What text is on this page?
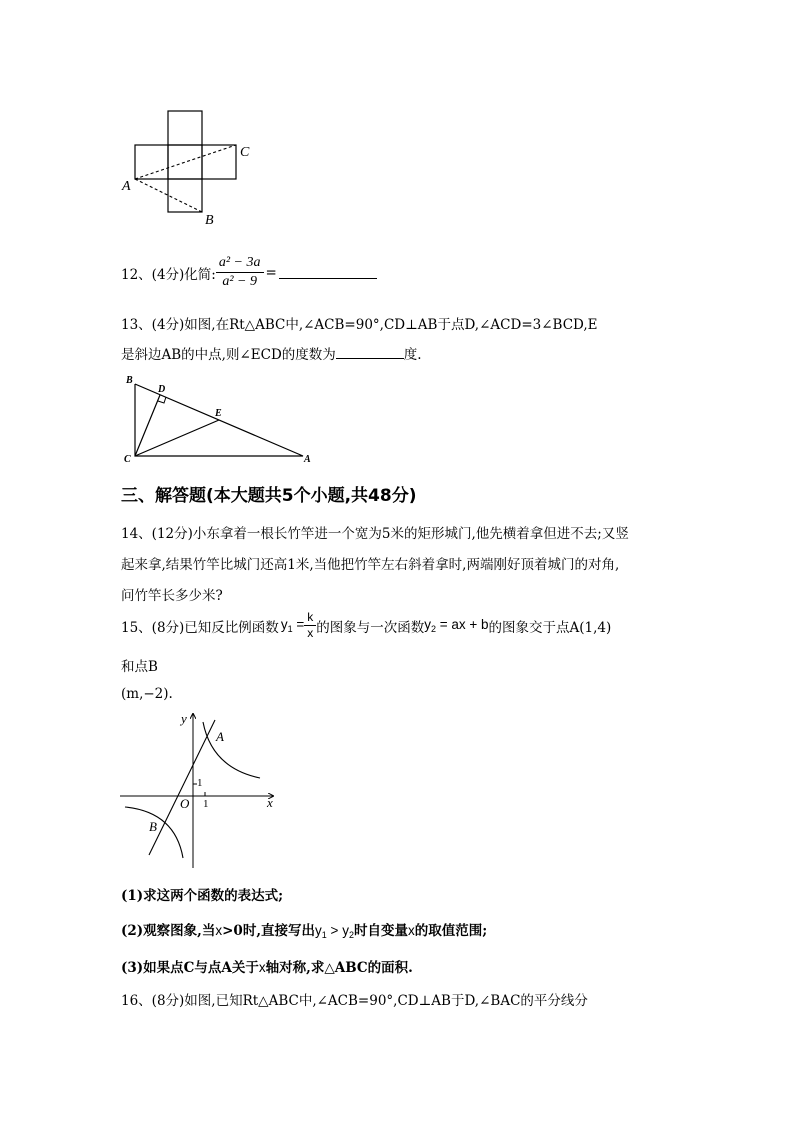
A
B
C
12、(4分)化简: $\frac{\text{a² − 3a}}{\text{a² − 9}}$ =
13、(4分)如图,在Rt△ABC中,∠ACB=90°,CD⊥AB于点D,∠ACD=3∠BCD,E
是斜边AB的中点,则∠ECD的度数为	度.
B
D
E
C	A
三、解答题(本大题共5个小题,共48分)
14、(12分)小东拿着一根长竹竿进一个宽为5米的矩形城门,他先横着拿但进不去;又竖
起来拿,结果竹竿比城门还高1米,当他把竹竿左右斜着拿时,两端刚好顶着城门的对角,
问竹竿长多少米?
15、(8分)已知反比例函数 $y_1 = \frac{k}{x}$ 的图象与一次函数 $y_2$ = ax + b 的图象交于点A(1,4)
和点B
(m,−2).
y
x
O
A
B
1
1
(1)求这两个函数的表达式;
(2)观察图象,当x>0时,直接写出$y_1 > y_2$时自变量x的取值范围;
(3)如果点C与点A关于x轴对称,求△ABC的面积.
16、(8分)如图,已知Rt△ABC中,∠ACB=90°,CD⊥AB于D,∠BAC的平分线分
